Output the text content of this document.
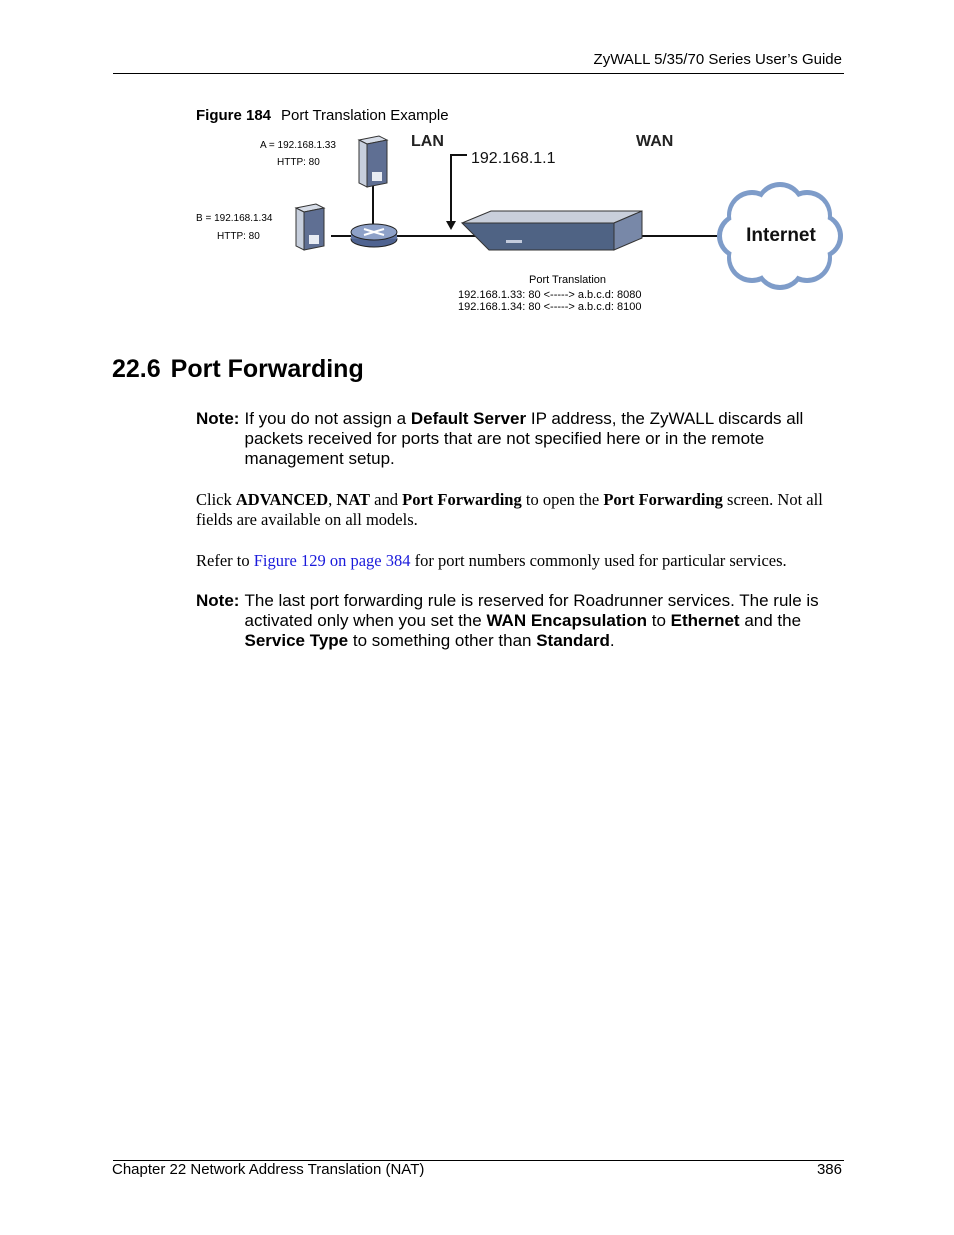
ZyWALL 5/35/70 Series User’s Guide
Figure 184 Port Translation Example
A = 192.168.1.33
HTTP: 80
B = 192.168.1.34
HTTP: 80
LAN	WAN
192.168.1.1
Internet
Port Translation
192.168.1.33: 80 <-----> a.b.c.d: 8080
192.168.1.34: 80 <-----> a.b.c.d: 8100
22.6 Port Forwarding
Note: If you do not assign a Default Server IP address, the ZyWALL discards all packets received for ports that are not specified here or in the remote management setup.
Click ADVANCED, NAT and Port Forwarding to open the Port Forwarding screen. Not all fields are available on all models.
Refer to Figure 129 on page 384 for port numbers commonly used for particular services.
Note: The last port forwarding rule is reserved for Roadrunner services. The rule is activated only when you set the WAN Encapsulation to Ethernet and the Service Type to something other than Standard.
Chapter 22 Network Address Translation (NAT)	386
